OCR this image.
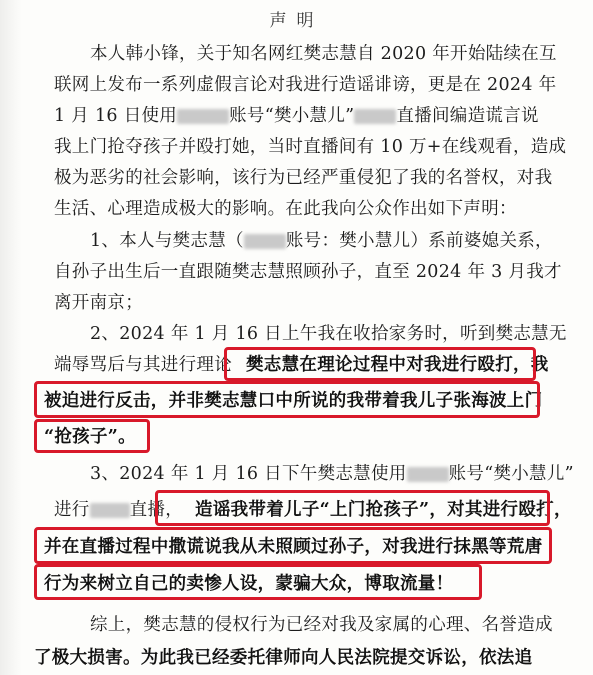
声明
本人韩小锋，关于知名网红樊志慧自 2020 年开始陆续在互
联网上发布一系列虚假言论对我进行造谣诽谤，更是在 2024 年
1 月 16 日使用	账号“樊小慧儿” 直播间编造谎言说
我上门抢夺孩子并殴打她，当时直播间有 10 万+在线观看，造成
极为恶劣的社会影响，该行为已经严重侵犯了我的名誉权，对我
生活、心理造成极大的影响。在此我向公众作出如下声明：
1、本人与樊志慧（ 账号：樊小慧儿）系前婆媳关系，
自孙子出生后一直跟随樊志慧照顾孙子，直至 2024 年 3 月我才
离开南京；
2、2024 年 1 月 16 日上午我在收拾家务时，听到樊志慧无
端辱骂后与其进行理论 樊志慧在理论过程中对我进行殴打，我
被迫进行反击，并非樊志慧口中所说的我带着我儿子张海波上门
“抢孩子”。
3、2024 年 1 月 16 日下午樊志慧使用 账号“樊小慧儿”
进行 直播， 造谣我带着儿子“上门抢孩子”，对其进行殴打，
并在直播过程中撒谎说我从未照顾过孙子，对我进行抹黑等荒唐
行为来树立自己的卖惨人设，蒙骗大众，博取流量！
综上，樊志慧的侵权行为已经对我及家属的心理、名誉造成
了极大损害。为此我已经委托律师向人民法院提交诉讼，依法追
